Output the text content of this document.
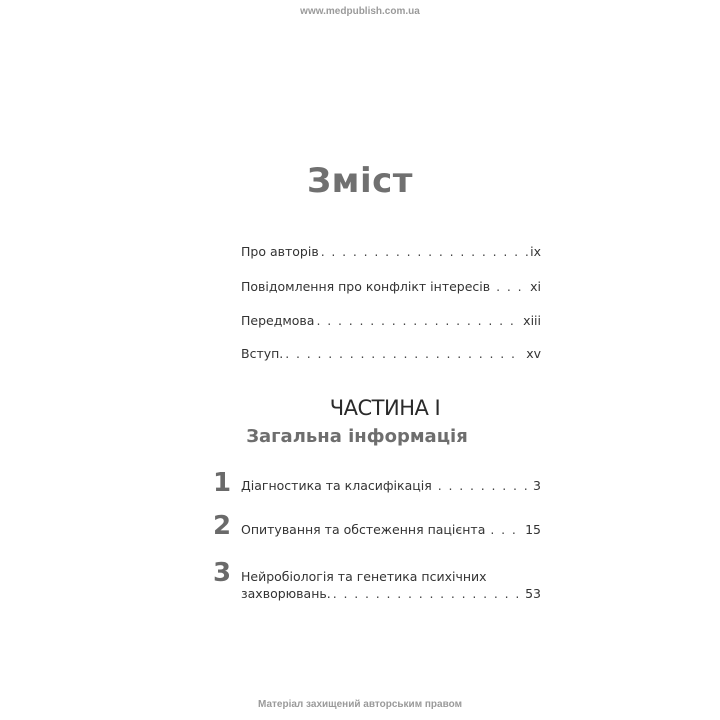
www.medpublish.com.ua
Зміст
Про авторів . . .	ix
Повідомлення про конфлікт інтересів . . .	xi
Передмова . . .	xiii
Вступ. . . .	xv
ЧАСТИНА I
Загальна інформація
1 Діагностика та класифікація . . .	3
2 Опитування та обстеження пацієнта . . .	15
3 Нейробіологія та генетика психічних
захворювань. . . .	53
Матеріал захищений авторським правом
